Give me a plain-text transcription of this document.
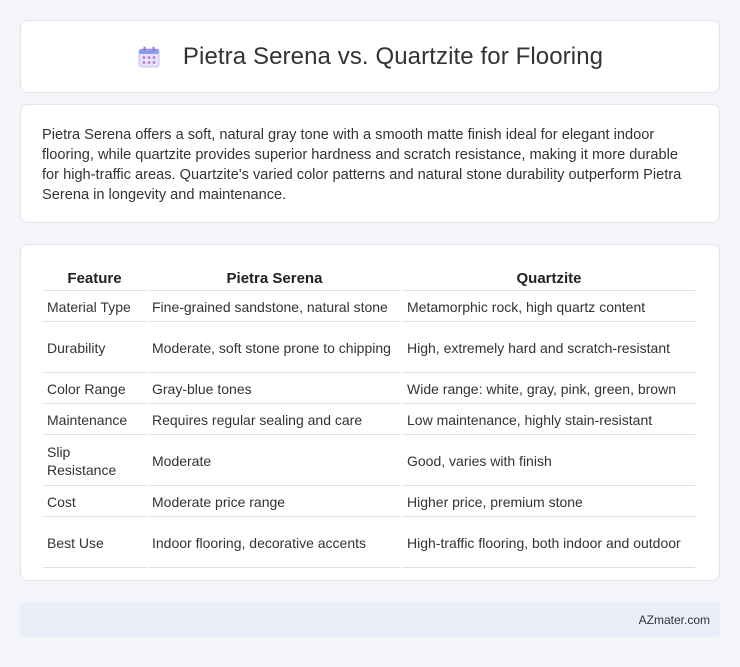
Pietra Serena vs. Quartzite for Flooring

Pietra Serena offers a soft, natural gray tone with a smooth matte finish ideal for elegant indoor flooring, while quartzite provides superior hardness and scratch resistance, making it more durable for high-traffic areas. Quartzite's varied color patterns and natural stone durability outperform Pietra Serena in longevity and maintenance.

Feature	Pietra Serena	Quartzite
Material Type	Fine-grained sandstone, natural stone	Metamorphic rock, high quartz content
Durability	Moderate, soft stone prone to chipping	High, extremely hard and scratch-resistant
Color Range	Gray-blue tones	Wide range: white, gray, pink, green, brown
Maintenance	Requires regular sealing and care	Low maintenance, highly stain-resistant
Slip Resistance	Moderate	Good, varies with finish
Cost	Moderate price range	Higher price, premium stone
Best Use	Indoor flooring, decorative accents	High-traffic flooring, both indoor and outdoor
AZmater.com
